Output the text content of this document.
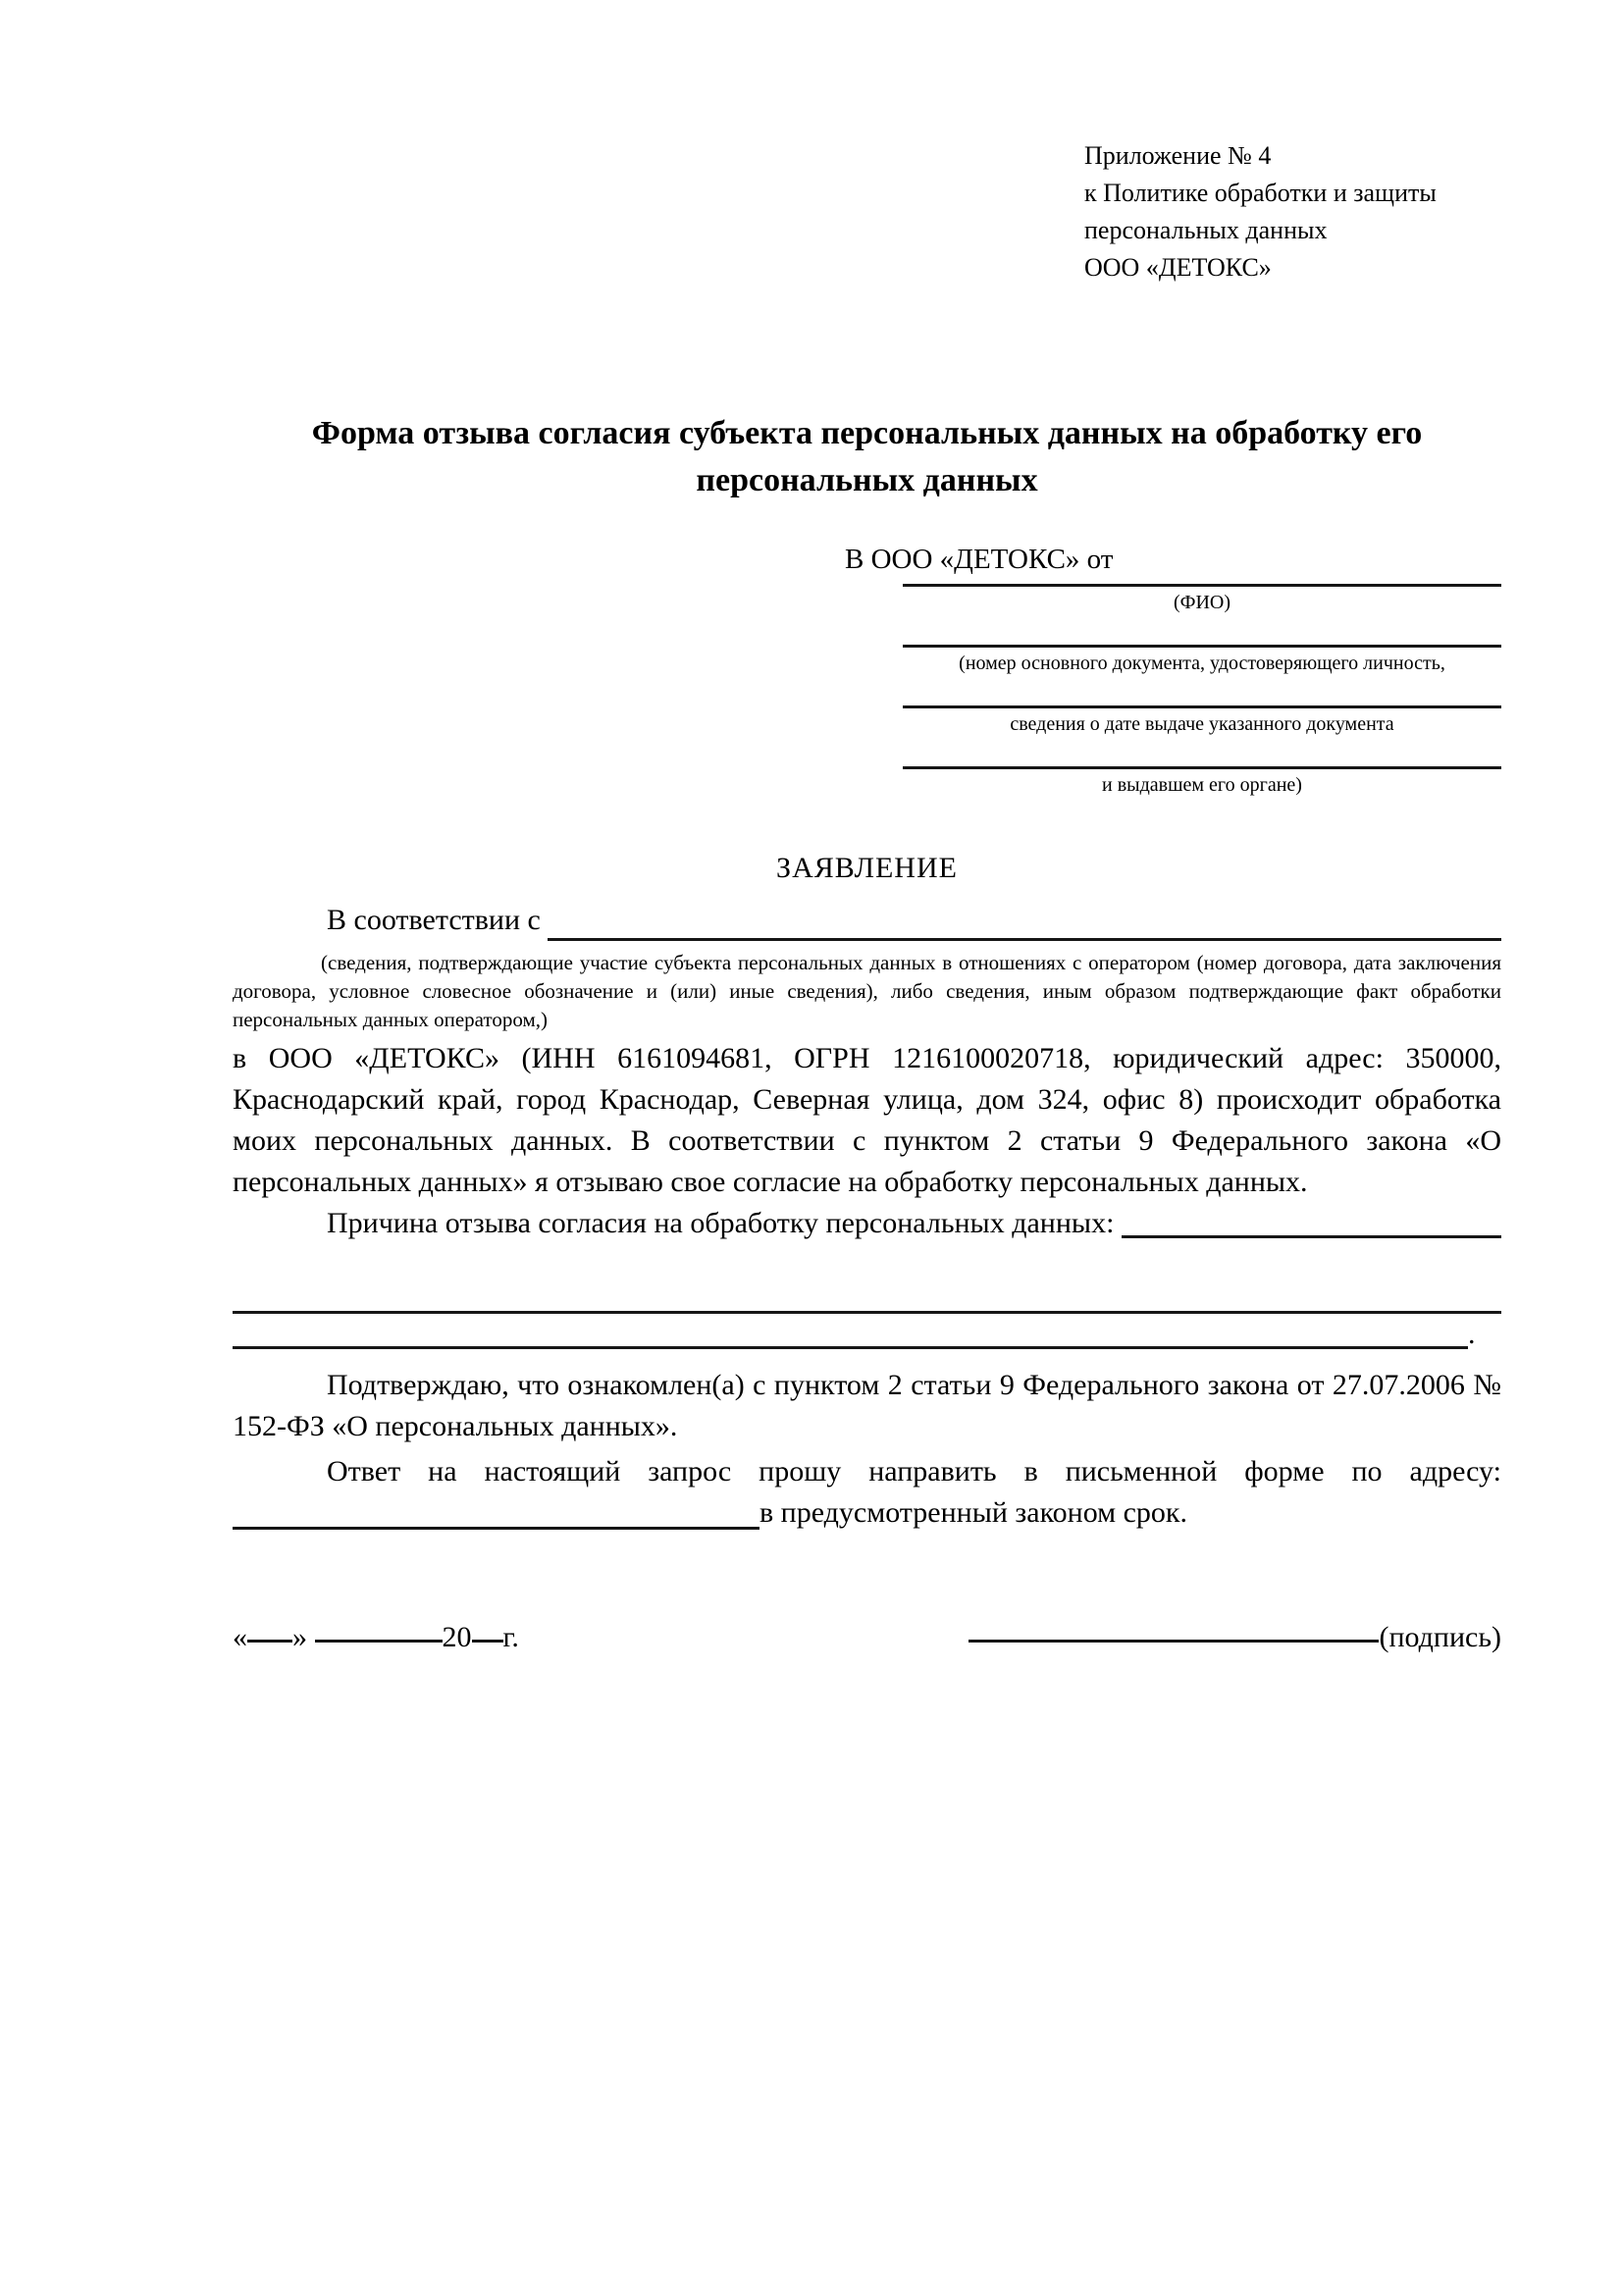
Приложение № 4
к Политике обработки и защиты
персональных данных
ООО «ДЕТОКС»
Форма отзыва согласия субъекта персональных данных на обработку его персональных данных
В ООО «ДЕТОКС» от
(ФИО)
(номер основного документа, удостоверяющего личность,
сведения о дате выдаче указанного документа
и выдавшем его органе)
ЗАЯВЛЕНИЕ
В соответствии с

(сведения, подтверждающие участие субъекта персональных данных в отношениях с оператором (номер договора, дата заключения договора, условное словесное обозначение и (или) иные сведения), либо сведения, иным образом подтверждающие факт обработки персональных данных оператором,)
в ООО «ДЕТОКС» (ИНН 6161094681, ОГРН 1216100020718, юридический адрес: 350000, Краснодарский край, город Краснодар, Северная улица, дом 324, офис 8) происходит обработка моих персональных данных. В соответствии с пунктом 2 статьи 9 Федерального закона «О персональных данных» я отзываю свое согласие на обработку персональных данных.
Причина отзыва согласия на обработку персональных данных:

.
Подтверждаю, что ознакомлен(а) с пунктом 2 статьи 9 Федерального закона от 27.07.2006 № 152-ФЗ «О персональных данных».
Ответ на настоящий запрос прошу направить в письменной форме по адресу:
в предусмотренный законом срок.
« »	20 г.	(подпись)
